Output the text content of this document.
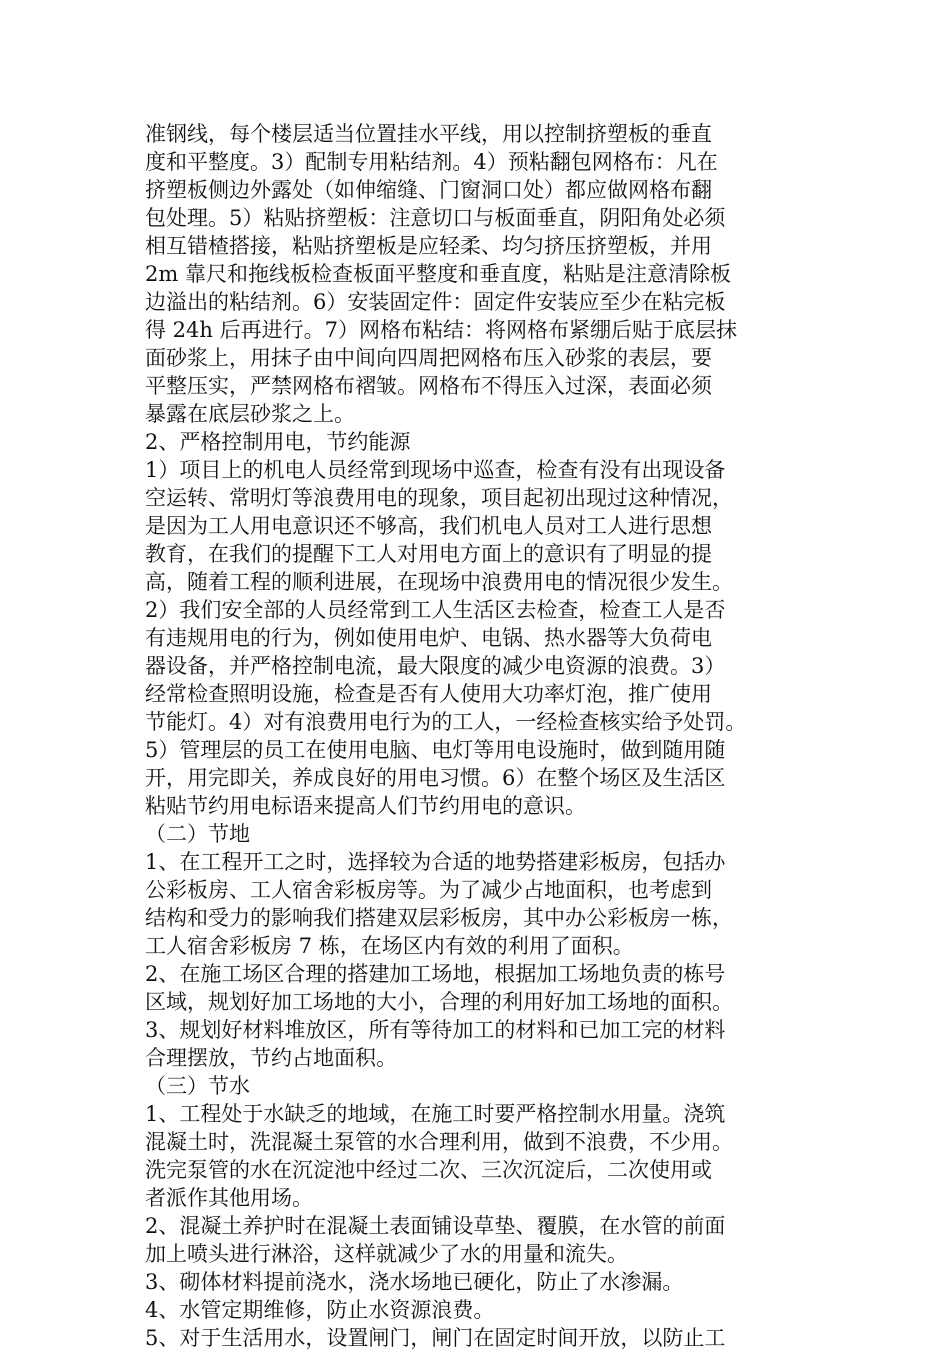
准钢线，每个楼层适当位置挂水平线，用以控制挤塑板的垂直
度和平整度。3）配制专用粘结剂。4）预粘翻包网格布：凡在
挤塑板侧边外露处（如伸缩缝、门窗洞口处）都应做网格布翻
包处理。5）粘贴挤塑板：注意切口与板面垂直，阴阳角处必须
相互错楂搭接，粘贴挤塑板是应轻柔、均匀挤压挤塑板，并用
2m 靠尺和拖线板检查板面平整度和垂直度，粘贴是注意清除板
边溢出的粘结剂。6）安装固定件：固定件安装应至少在粘完板
得 24h 后再进行。7）网格布粘结：将网格布紧绷后贴于底层抹
面砂浆上，用抹子由中间向四周把网格布压入砂浆的表层，要
平整压实，严禁网格布褶皱。网格布不得压入过深，表面必须
暴露在底层砂浆之上。
2、严格控制用电，节约能源
1）项目上的机电人员经常到现场中巡查，检查有没有出现设备
空运转、常明灯等浪费用电的现象，项目起初出现过这种情况，
是因为工人用电意识还不够高，我们机电人员对工人进行思想
教育，在我们的提醒下工人对用电方面上的意识有了明显的提
高，随着工程的顺利进展，在现场中浪费用电的情况很少发生。
2）我们安全部的人员经常到工人生活区去检查，检查工人是否
有违规用电的行为，例如使用电炉、电锅、热水器等大负荷电
器设备，并严格控制电流，最大限度的减少电资源的浪费。3）
经常检查照明设施，检查是否有人使用大功率灯泡，推广使用
节能灯。4）对有浪费用电行为的工人，一经检查核实给予处罚。
5）管理层的员工在使用电脑、电灯等用电设施时，做到随用随
开，用完即关，养成良好的用电习惯。6）在整个场区及生活区
粘贴节约用电标语来提高人们节约用电的意识。
（二）节地
1、在工程开工之时，选择较为合适的地势搭建彩板房，包括办
公彩板房、工人宿舍彩板房等。为了减少占地面积，也考虑到
结构和受力的影响我们搭建双层彩板房，其中办公彩板房一栋，
工人宿舍彩板房 7 栋，在场区内有效的利用了面积。
2、在施工场区合理的搭建加工场地，根据加工场地负责的栋号
区域，规划好加工场地的大小，合理的利用好加工场地的面积。
3、规划好材料堆放区，所有等待加工的材料和已加工完的材料
合理摆放，节约占地面积。
（三）节水
1、工程处于水缺乏的地域，在施工时要严格控制水用量。浇筑
混凝土时，洗混凝土泵管的水合理利用，做到不浪费，不少用。
洗完泵管的水在沉淀池中经过二次、三次沉淀后，二次使用或
者派作其他用场。
2、混凝土养护时在混凝土表面铺设草垫、覆膜，在水管的前面
加上喷头进行淋浴，这样就减少了水的用量和流失。
3、砌体材料提前浇水，浇水场地已硬化，防止了水渗漏。
4、水管定期维修，防止水资源浪费。
5、对于生活用水，设置闸门，闸门在固定时间开放，以防止工
